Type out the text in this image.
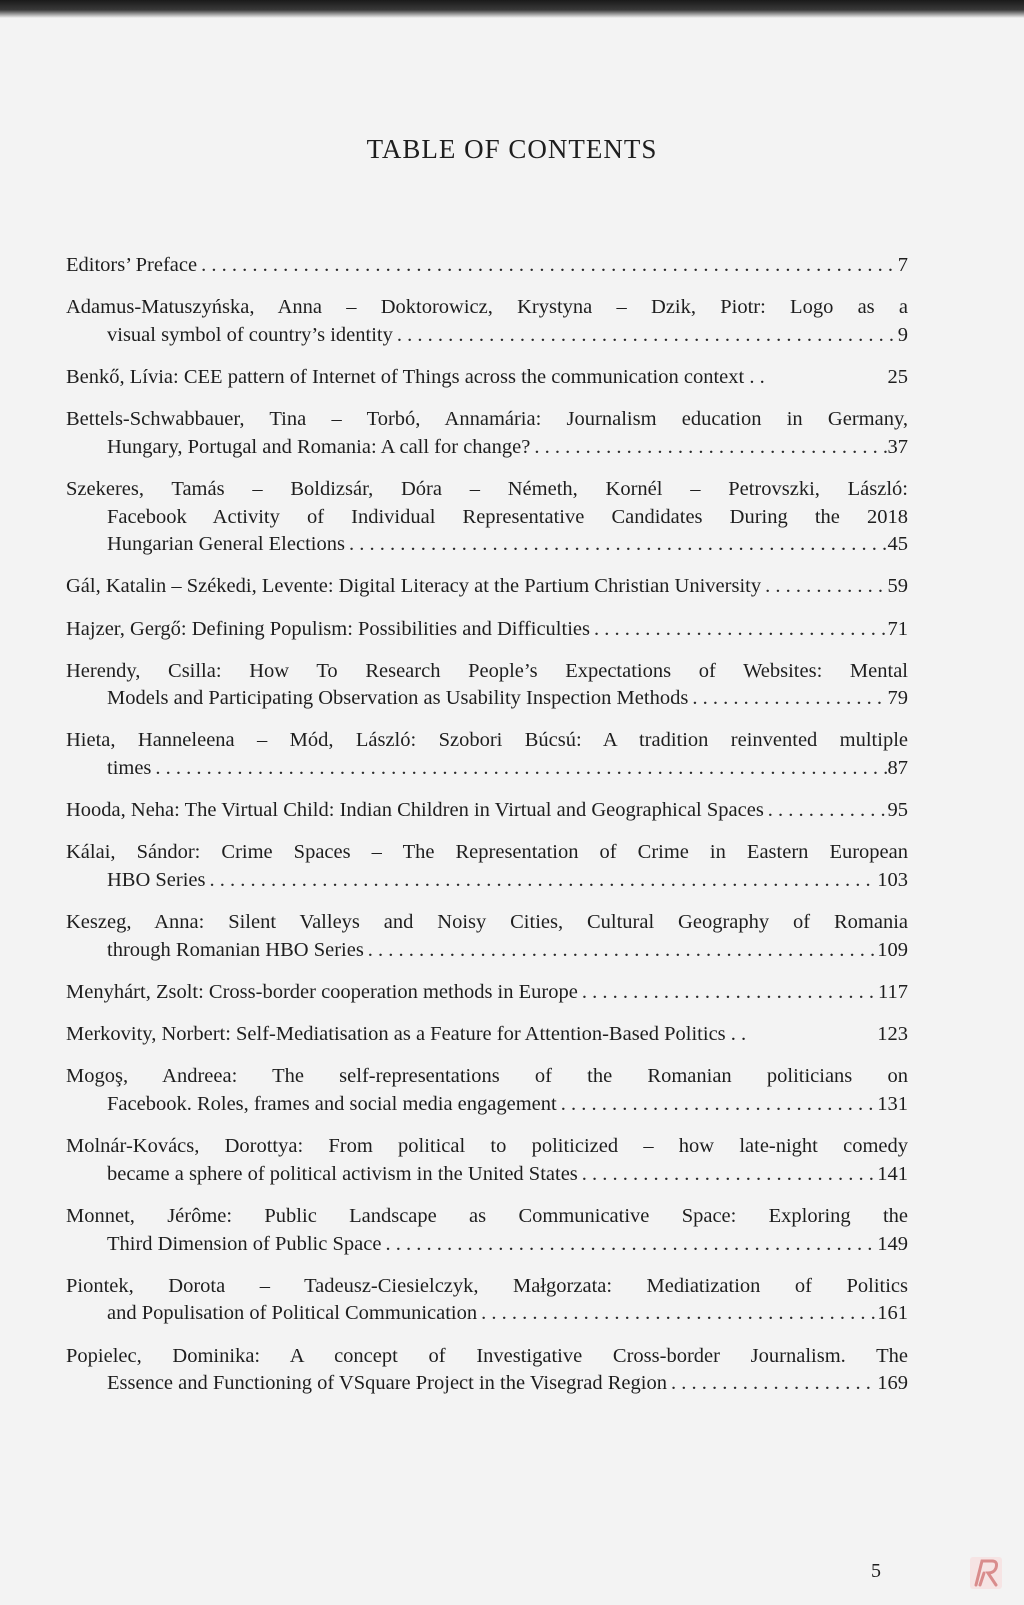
TABLE OF CONTENTS
Editors’ Preface . . .	7
Adamus-Matuszyńska, Anna – Doktorowicz, Krystyna – Dzik, Piotr: Logo as a
visual symbol of country’s identity . . .	9
Benkő, Lívia: CEE pattern of Internet of Things across the communication context . .	25
Bettels-Schwabbauer, Tina – Torbó, Annamária: Journalism education in Germany,
Hungary, Portugal and Romania: A call for change? . . .	37
Szekeres, Tamás – Boldizsár, Dóra – Németh, Kornél – Petrovszki, László:
Facebook Activity of Individual Representative Candidates During the 2018
Hungarian General Elections . . .	45
Gál, Katalin – Székedi, Levente: Digital Literacy at the Partium Christian University . . .	59
Hajzer, Gergő: Defining Populism: Possibilities and Difficulties . . .	71
Herendy, Csilla: How To Research People’s Expectations of Websites: Mental
Models and Participating Observation as Usability Inspection Methods . . .	79
Hieta, Hanneleena – Mód, László: Szobori Búcsú: A tradition reinvented multiple
times . . .	87
Hooda, Neha: The Virtual Child: Indian Children in Virtual and Geographical Spaces . . .	95
Kálai, Sándor: Crime Spaces – The Representation of Crime in Eastern European
HBO Series . . .	103
Keszeg, Anna: Silent Valleys and Noisy Cities, Cultural Geography of Romania
through Romanian HBO Series . . .	109
Menyhárt, Zsolt: Cross-border cooperation methods in Europe . . .	117
Merkovity, Norbert: Self-Mediatisation as a Feature for Attention-Based Politics . .	123
Mogoş, Andreea: The self-representations of the Romanian politicians on
Facebook. Roles, frames and social media engagement . . .	131
Molnár-Kovács, Dorottya: From political to politicized – how late-night comedy
became a sphere of political activism in the United States . . .	141
Monnet, Jérôme: Public Landscape as Communicative Space: Exploring the
Third Dimension of Public Space . . .	149
Piontek, Dorota – Tadeusz-Ciesielczyk, Małgorzata: Mediatization of Politics
and Populisation of Political Communication . . .	161
Popielec, Dominika: A concept of Investigative Cross-border Journalism. The
Essence and Functioning of VSquare Project in the Visegrad Region . . .	169
5
